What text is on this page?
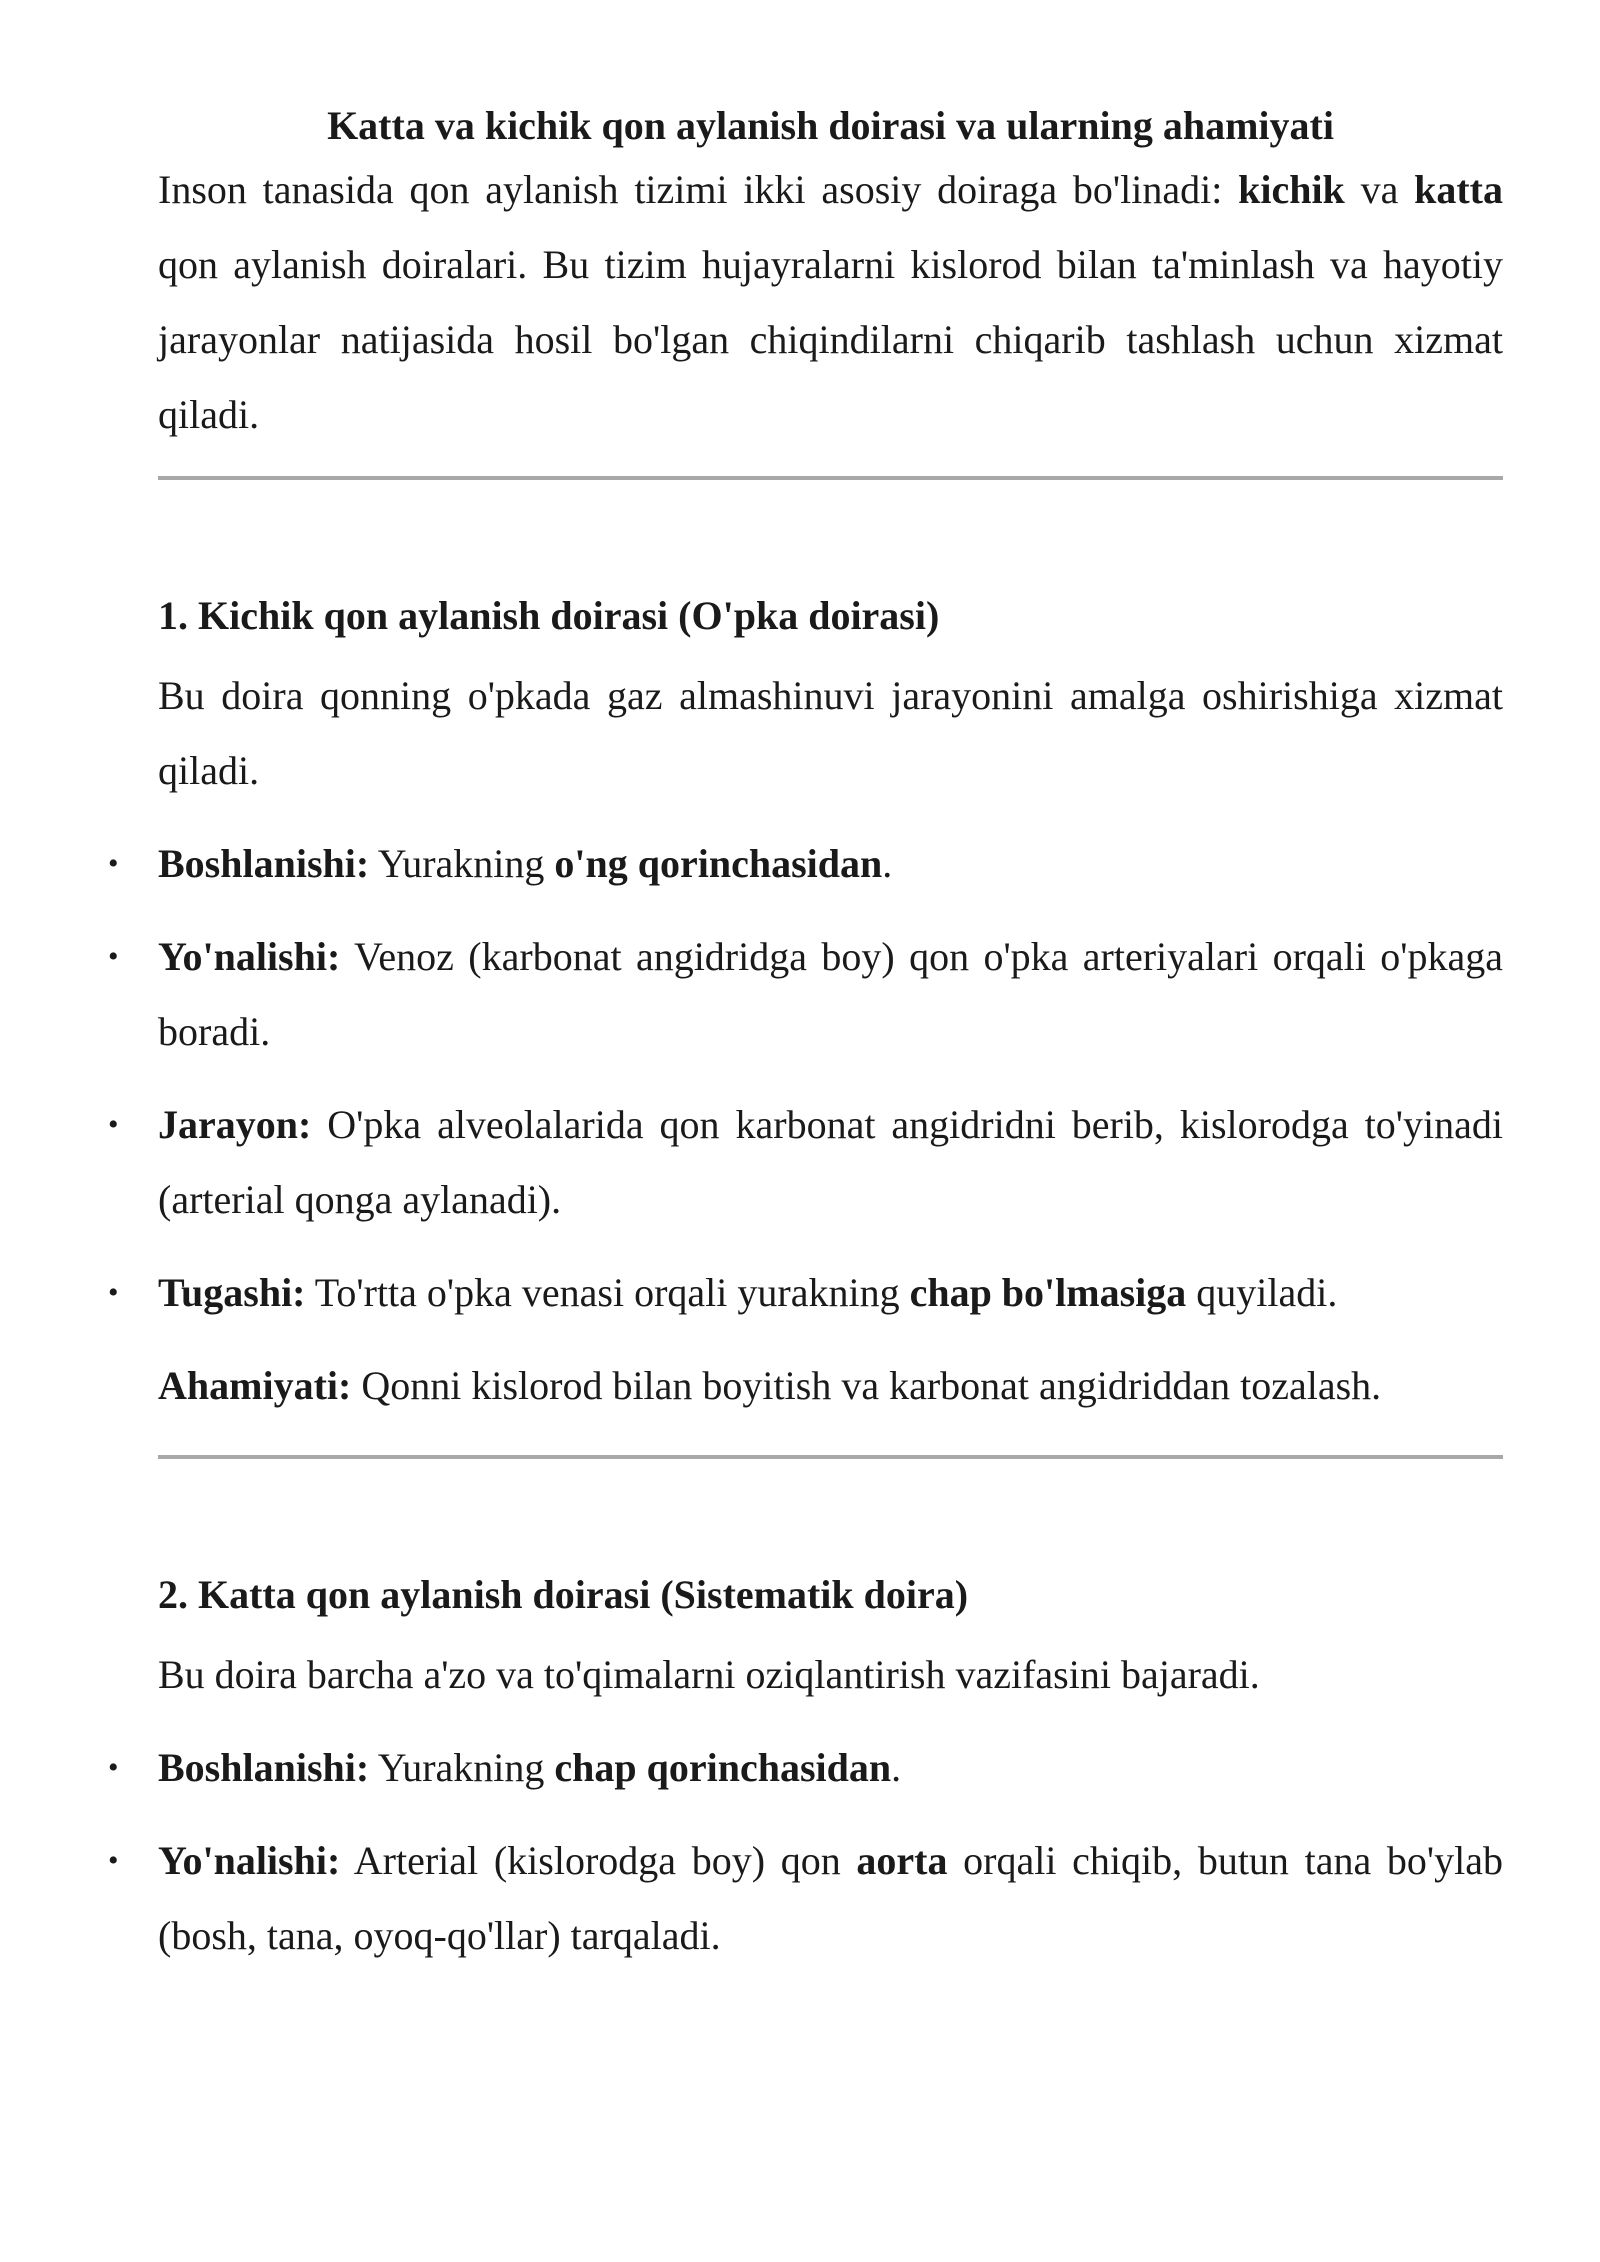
Katta va kichik qon aylanish doirasi va ularning ahamiyati

Inson tanasida qon aylanish tizimi ikki asosiy doiraga bo'linadi: kichik va katta qon aylanish doiralari. Bu tizim hujayralarni kislorod bilan ta'minlash va hayotiy jarayonlar natijasida hosil bo'lgan chiqindilarni chiqarib tashlash uchun xizmat qiladi.

1. Kichik qon aylanish doirasi (O'pka doirasi)

Bu doira qonning o'pkada gaz almashinuvi jarayonini amalga oshirishiga xizmat qiladi.

• Boshlanishi: Yurakning o'ng qorinchasidan.
• Yo'nalishi: Venoz (karbonat angidridga boy) qon o'pka arteriyalari orqali o'pkaga boradi.
• Jarayon: O'pka alveolalarida qon karbonat angidridni berib, kislorodga to'yinadi (arterial qonga aylanadi).
• Tugashi: To'rtta o'pka venasi orqali yurakning chap bo'lmasiga quyiladi.

Ahamiyati: Qonni kislorod bilan boyitish va karbonat angidriddan tozalash.

2. Katta qon aylanish doirasi (Sistematik doira)

Bu doira barcha a'zo va to'qimalarni oziqlantirish vazifasini bajaradi.

• Boshlanishi: Yurakning chap qorinchasidan.
• Yo'nalishi: Arterial (kislorodga boy) qon aorta orqali chiqib, butun tana bo'ylab (bosh, tana, oyoq-qo'llar) tarqaladi.
